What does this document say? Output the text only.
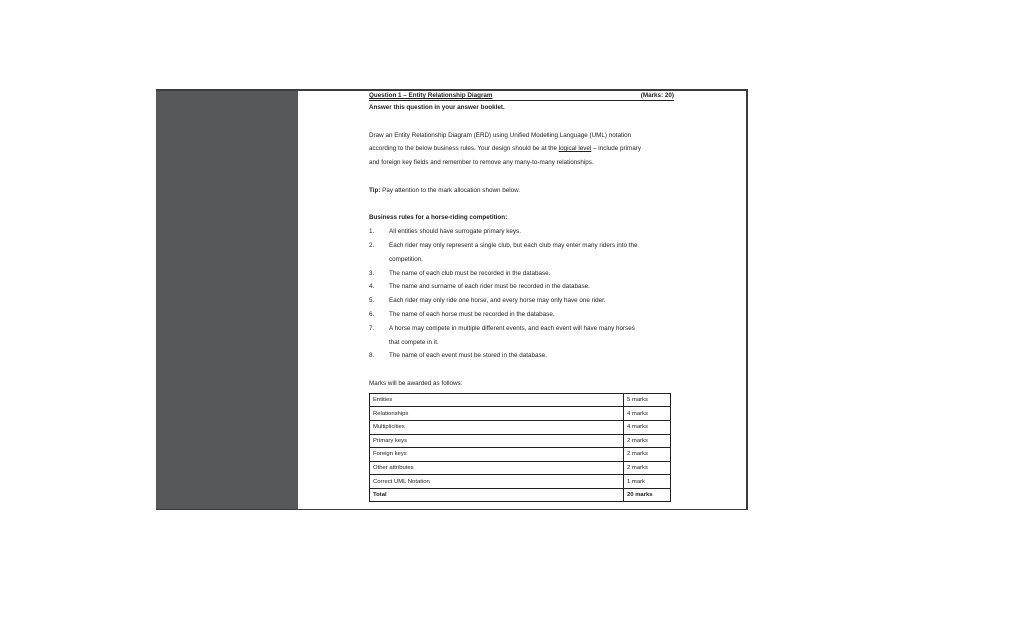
Question 1 – Entity Relationship Diagram	(Marks: 20)
Answer this question in your answer booklet.
Draw an Entity Relationship Diagram (ERD) using Unified Modelling Language (UML) notation
according to the below business rules. Your design should be at the logical level – include primary
and foreign key fields and remember to remove any many-to-many relationships.
Tip: Pay attention to the mark allocation shown below.
Business rules for a horse-riding competition:
1.	All entities should have surrogate primary keys.
2.	Each rider may only represent a single club, but each club may enter many riders into the
competition.
3.	The name of each club must be recorded in the database.
4.	The name and surname of each rider must be recorded in the database.
5.	Each rider may only ride one horse, and every horse may only have one rider.
6.	The name of each horse must be recorded in the database.
7.	A horse may compete in multiple different events, and each event will have many horses
that compete in it.
8.	The name of each event must be stored in the database.
Marks will be awarded as follows:
Entities	5 marks
Relationships	4 marks
Multiplicities	4 marks
Primary keys	2 marks
Foreign keys	2 marks
Other attributes	2 marks
Correct UML Notation	1 mark
Total	20 marks
